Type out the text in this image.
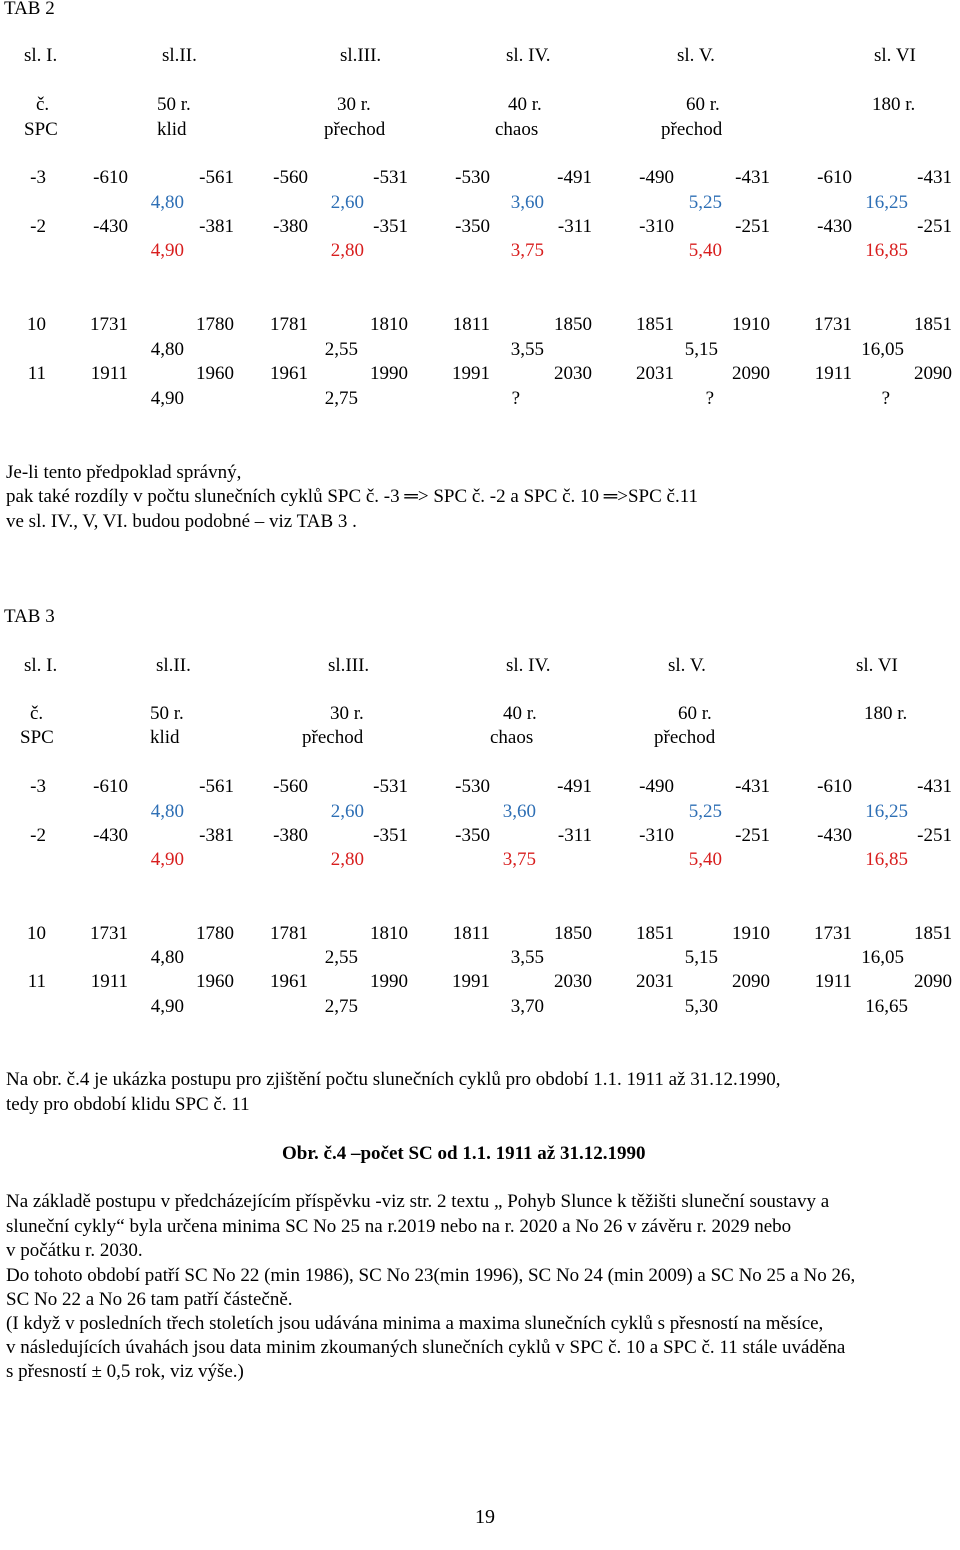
TAB 2
sl. I.	sl.II.	sl.III.	sl. IV.	sl. V.	sl. VI
č.	50 r.	30 r.	40 r.	60 r.	180 r.
SPC	klid	přechod	chaos	přechod
-3	-610	-561	-560	-531	-530	-491	-490	-431	-610	-431
4,80	2,60	3,60	5,25	16,25
-2	-430	-381	-380	-351	-350	-311	-310	-251	-430	-251
4,90	2,80	3,75	5,40	16,85
10	1731	1780	1781	1810	1811	1850	1851	1910	1731	1851
4,80	2,55	3,55	5,15	16,05
11	1911	1960	1961	1990	1991	2030	2031	2090	1911	2090
4,90	2,75	?	?	?
Je-li tento předpoklad správný,
pak také rozdíly v počtu slunečních cyklů SPC č. -3 ═> SPC č. -2 a SPC č. 10 ═>SPC č.11
ve sl. IV., V, VI. budou podobné – viz TAB 3 .
TAB 3
sl. I.	sl.II.	sl.III.	sl. IV.	sl. V.	sl. VI
č.	50 r.	30 r.	40 r.	60 r.	180 r.
SPC	klid	přechod	chaos	přechod
-3	-610	-561	-560	-531	-530	-491	-490	-431	-610	-431
4,80	2,60	3,60	5,25	16,25
-2	-430	-381	-380	-351	-350	-311	-310	-251	-430	-251
4,90	2,80	3,75	5,40	16,85
10	1731	1780	1781	1810	1811	1850	1851	1910	1731	1851
4,80	2,55	3,55	5,15	16,05
11	1911	1960	1961	1990	1991	2030	2031	2090	1911	2090
4,90	2,75	3,70	5,30	16,65
Na obr. č.4 je ukázka postupu pro zjištění počtu slunečních cyklů pro období 1.1. 1911 až 31.12.1990,
tedy pro období klidu SPC č. 11
Obr. č.4 –počet SC od 1.1. 1911 až 31.12.1990
Na základě postupu v předcházejícím příspěvku -viz str. 2 textu „ Pohyb Slunce k těžišti sluneční soustavy a
sluneční cykly“ byla určena minima SC No 25 na r.2019 nebo na r. 2020 a No 26 v závěru r. 2029 nebo
v počátku r. 2030.
Do tohoto období patří SC No 22 (min 1986), SC No 23(min 1996), SC No 24 (min 2009) a SC No 25 a No 26,
SC No 22 a No 26 tam patří částečně.
(I když v posledních třech stoletích jsou udávána minima a maxima slunečních cyklů s přesností na měsíce,
v následujících úvahách jsou data minim zkoumaných slunečních cyklů v SPC č. 10 a SPC č. 11 stále uváděna
s přesností ± 0,5 rok, viz výše.)
19
